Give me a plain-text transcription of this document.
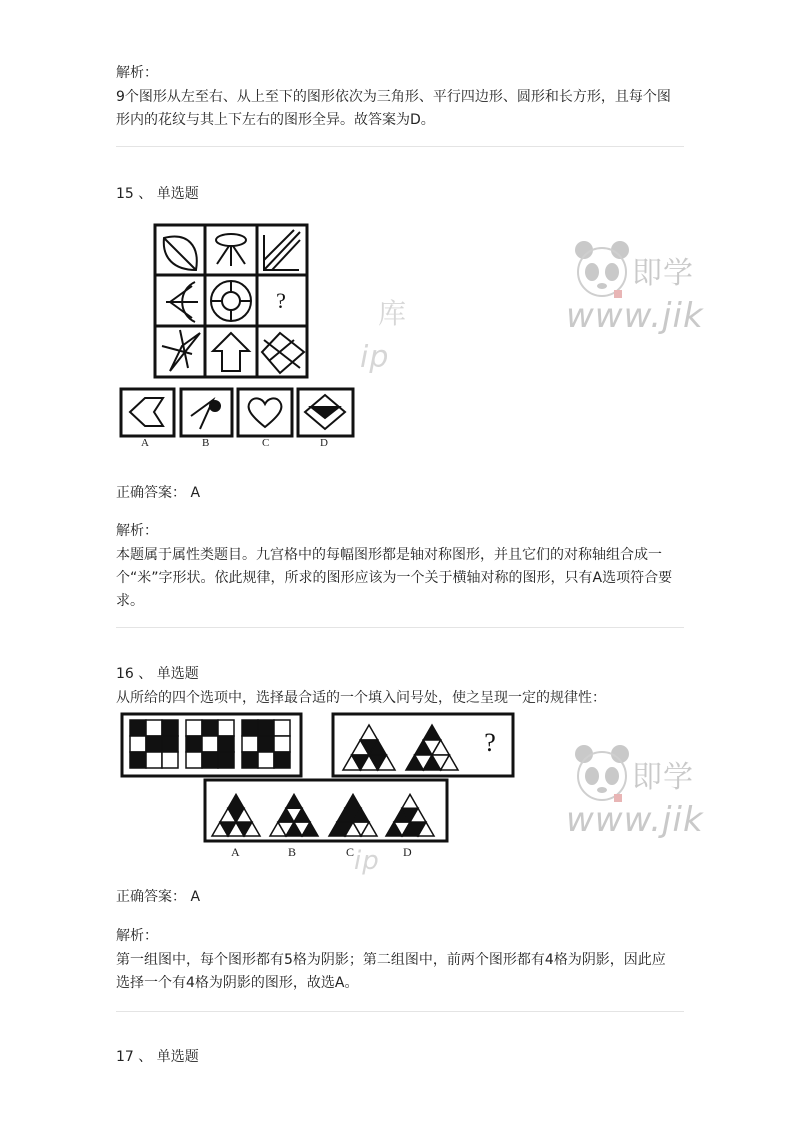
解析：
9个图形从左至右、从上至下的图形依次为三角形、平行四边形、圆形和长方形，且每个图形内的花纹与其上下左右的图形全异。故答案为D。
15 、 单选题
?
A	B	C	D
正确答案： A
解析：
本题属于属性类题目。九宫格中的每幅图形都是轴对称图形，并且它们的对称轴组合成一个“米”字形状。依此规律，所求的图形应该为一个关于横轴对称的图形，只有A选项符合要求。
16 、 单选题
从所给的四个选项中，选择最合适的一个填入问号处，使之呈现一定的规律性：
?
A	B	C	D
正确答案： A
解析：
第一组图中，每个图形都有5格为阴影；第二组图中，前两个图形都有4格为阴影，因此应选择一个有4格为阴影的图形，故选A。
17 、 单选题
即学
www.jik
库
ip
即学
www.jik
ip
